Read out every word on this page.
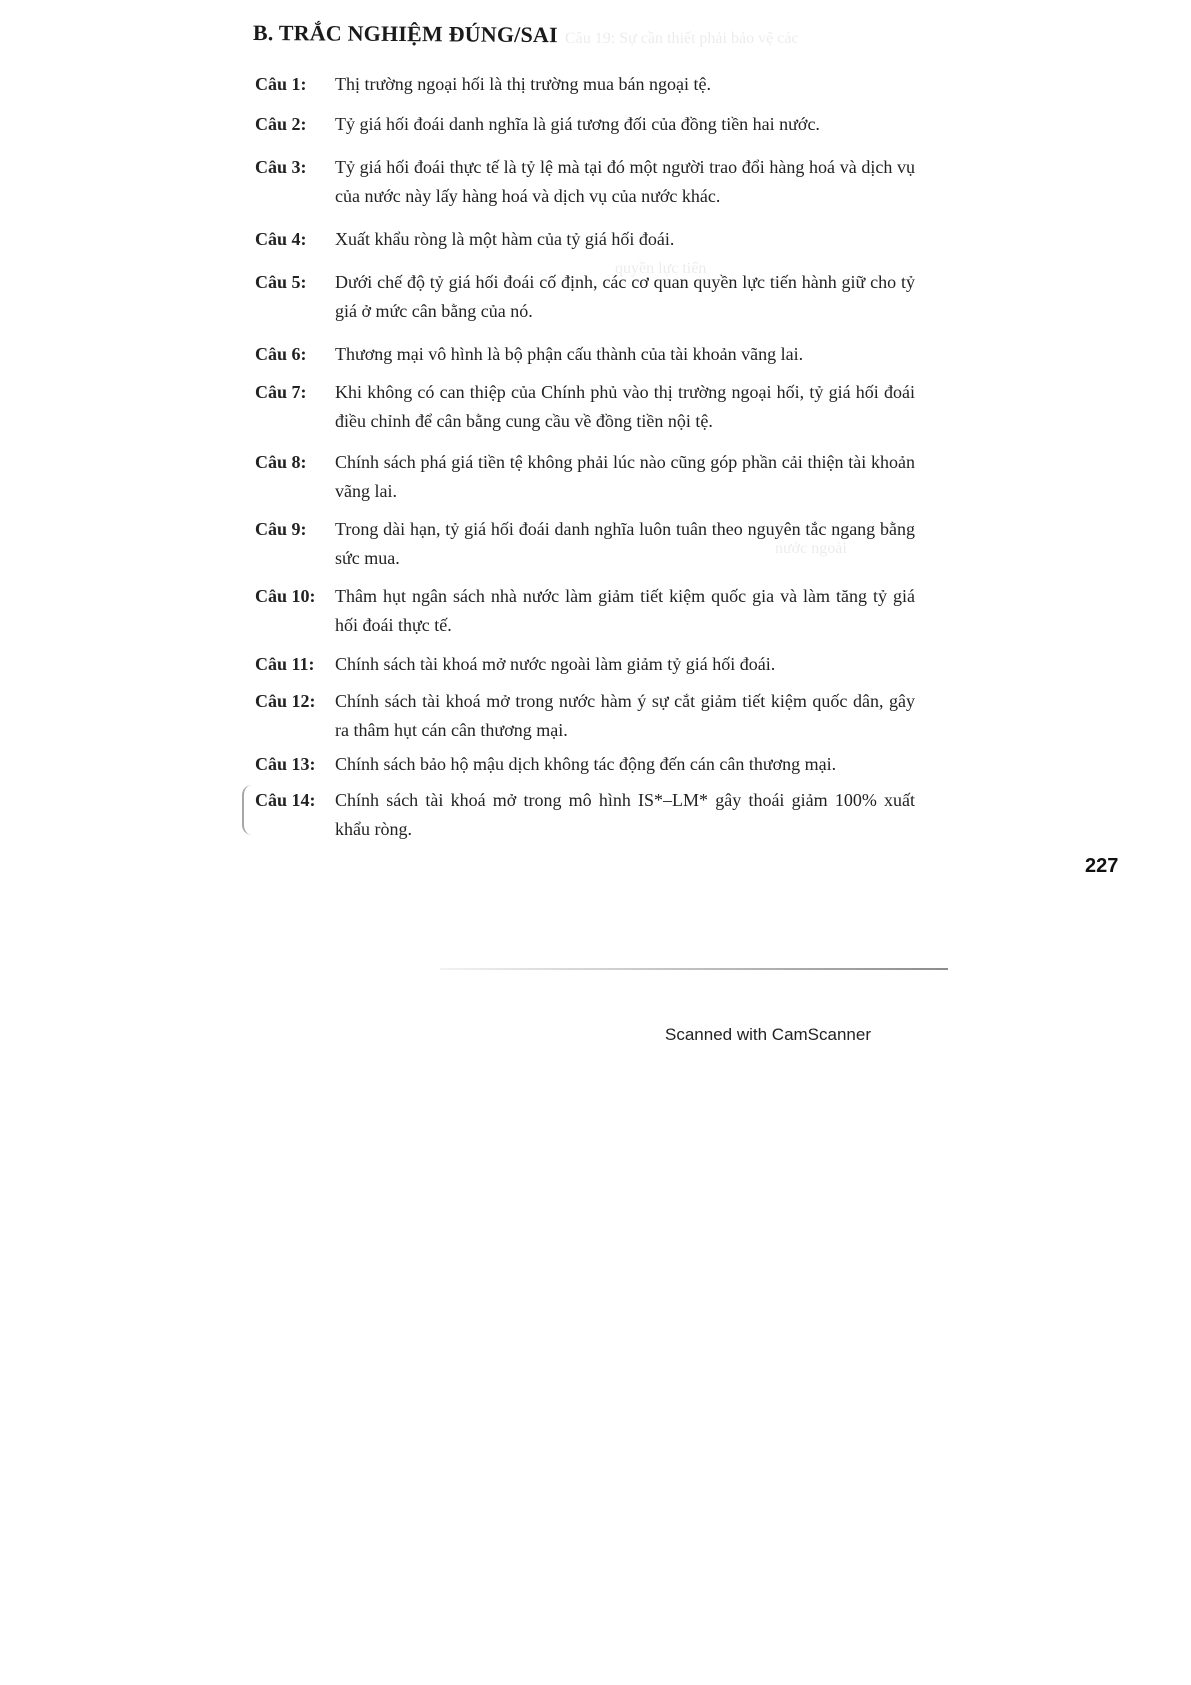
Câu 19: Sự cần thiết phải bảo vệ các
quyền lực tiến
nước ngoài
B. TRẮC NGHIỆM ĐÚNG/SAI
Câu 1: Thị trường ngoại hối là thị trường mua bán ngoại tệ.
Câu 2: Tỷ giá hối đoái danh nghĩa là giá tương đối của đồng tiền hai nước.
Câu 3: Tỷ giá hối đoái thực tế là tỷ lệ mà tại đó một người trao đổi hàng hoá và dịch vụ của nước này lấy hàng hoá và dịch vụ của nước khác.
Câu 4: Xuất khẩu ròng là một hàm của tỷ giá hối đoái.
Câu 5: Dưới chế độ tỷ giá hối đoái cố định, các cơ quan quyền lực tiến hành giữ cho tỷ giá ở mức cân bằng của nó.
Câu 6: Thương mại vô hình là bộ phận cấu thành của tài khoản vãng lai.
Câu 7: Khi không có can thiệp của Chính phủ vào thị trường ngoại hối, tỷ giá hối đoái điều chỉnh để cân bằng cung cầu về đồng tiền nội tệ.
Câu 8: Chính sách phá giá tiền tệ không phải lúc nào cũng góp phần cải thiện tài khoản vãng lai.
Câu 9: Trong dài hạn, tỷ giá hối đoái danh nghĩa luôn tuân theo nguyên tắc ngang bằng sức mua.
Câu 10: Thâm hụt ngân sách nhà nước làm giảm tiết kiệm quốc gia và làm tăng tỷ giá hối đoái thực tế.
Câu 11: Chính sách tài khoá mở nước ngoài làm giảm tỷ giá hối đoái.
Câu 12: Chính sách tài khoá mở trong nước hàm ý sự cắt giảm tiết kiệm quốc dân, gây ra thâm hụt cán cân thương mại.
Câu 13: Chính sách bảo hộ mậu dịch không tác động đến cán cân thương mại.
Câu 14: Chính sách tài khoá mở trong mô hình IS*–LM* gây thoái giảm 100% xuất khẩu ròng.
227
Scanned with CamScanner
